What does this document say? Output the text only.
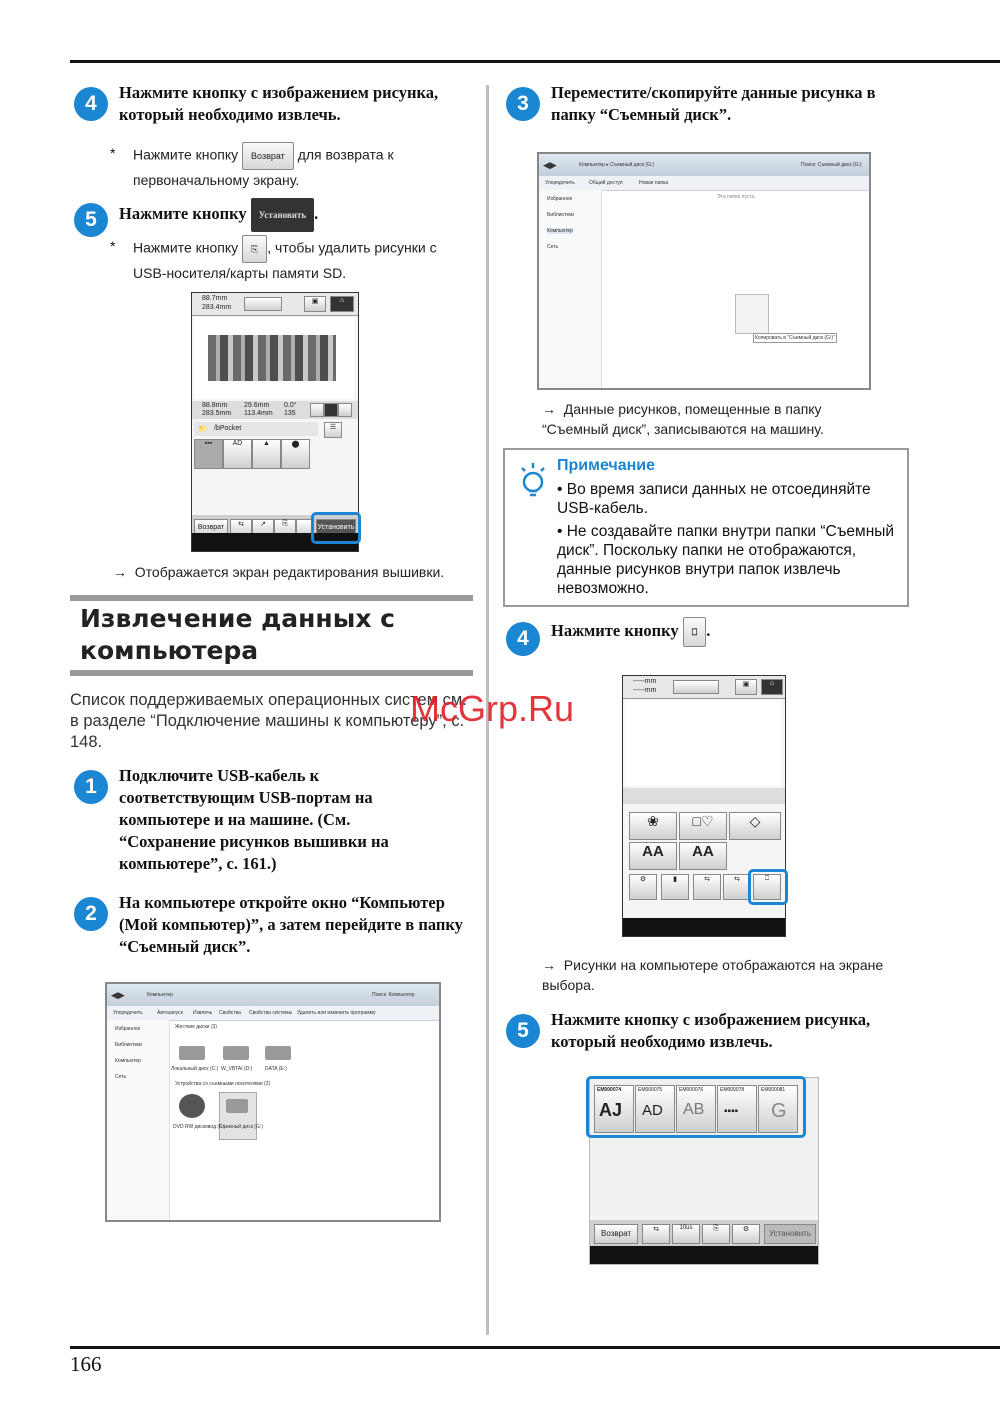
166
4	Нажмите кнопку с изображением рисунка, который необходимо извлечь.
* Нажмите кнопку Возврат для возврата к первоначальному экрану.
5	Нажмите кнопку Установить .
* Нажмите кнопку ⎘ , чтобы удалить рисунки с USB-носителя/карты памяти SD.
88.7mm
283.4mm
▣	⌂
88.8mm
283.5mm
29.6mm
113.4mm
0.0°
135
📁 /bPocket	☰
▪▪▪	AD	▲	⬤
Возврат	⇆	↗	⎘
Установить
→  Отображается экран редактирования вышивки.
Извлечение данных с
компьютера
Список поддерживаемых операционных систем см. в разделе “Подключение машины к компьютеру”, с. 148.
McGrp.Ru
1	Подключите USB-кабель к соответствующим USB-портам на компьютере и на машине. (См. “Сохранение рисунков вышивки на компьютере”, с. 161.)
2	На компьютере откройте окно “Компьютер (Мой компьютер)”, а затем перейдите в папку “Съемный диск”.
◀▶	Компьютер	Поиск: Компьютер
Упорядочить	Автозапуск Извлечь Свойства Свойства системы Удалить или изменить программу
Избранное
Библиотеки
Компьютер
Сеть
Жесткие диски (3)
Локальный диск (C:) W_VBTAI (D:)	DATA (E:)
Устройства со съемными носителями (2)
DVD RW дисковод (F:)
Съемный диск (G:)
3	Переместите/скопируйте данные рисунка в папку “Съемный диск”.
◀▶	Компьютер ▸ Съемный диск (G:)	Поиск: Съемный диск (G:)
Упорядочить	Общий доступ	Новая папка
Избранное
Библиотеки
Компьютер
Сеть
Эта папка пуста.
Копировать в "Съемный диск (G:)"
→  Данные рисунков, помещенные в папку “Съемный диск”, записываются на машину.
Примечание
• Во время записи данных не отсоединяйте USB-кабель.
• Не создавайте папки внутри папки “Съемный диск”. Поскольку папки не отображаются, данные рисунков внутри папок извлечь невозможно.
4	Нажмите кнопку ⎕ .
-----mm
-----mm
▣	⌂
❀	□♡	◇
AA	AA
⚙	▮	⇆	⇆	⎕
→  Рисунки на компьютере отображаются на экране выбора.
5	Нажмите кнопку с изображением рисунка, который необходимо извлечь.
EM000074
AJ
EM000075
AD
EM000076
AB
EM000078
▪▪▪▪
EM000081
G
Возврат	⇆	10us	⎘	⚙	Установить
